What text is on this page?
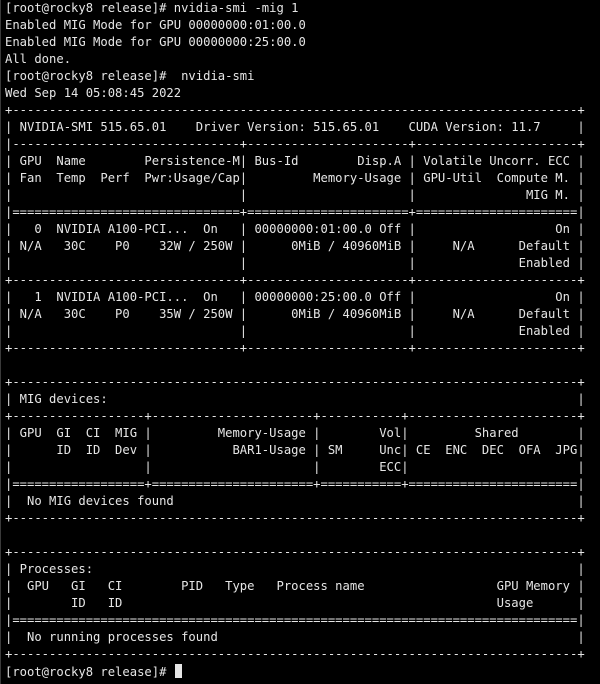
[root@rocky8 release]# nvidia-smi -mig 1
Enabled MIG Mode for GPU 00000000:01:00.0
Enabled MIG Mode for GPU 00000000:25:00.0
All done.
[root@rocky8 release]#  nvidia-smi
Wed Sep 14 05:08:45 2022
+-----------------------------------------------------------------------------+
| NVIDIA-SMI 515.65.01    Driver Version: 515.65.01    CUDA Version: 11.7     |
|-------------------------------+----------------------+----------------------+
| GPU  Name        Persistence-M| Bus-Id        Disp.A | Volatile Uncorr. ECC |
| Fan  Temp  Perf  Pwr:Usage/Cap|         Memory-Usage | GPU-Util  Compute M. |
|                               |                      |               MIG M. |
|===============================+======================+======================|
|   0  NVIDIA A100-PCI...  On   | 00000000:01:00.0 Off |                   On |
| N/A   30C    P0    32W / 250W |      0MiB / 40960MiB |     N/A      Default |
|                               |                      |              Enabled |
+-------------------------------+----------------------+----------------------+
|   1  NVIDIA A100-PCI...  On   | 00000000:25:00.0 Off |                   On |
| N/A   30C    P0    35W / 250W |      0MiB / 40960MiB |     N/A      Default |
|                               |                      |              Enabled |
+-------------------------------+----------------------+----------------------+
+-----------------------------------------------------------------------------+
| MIG devices:                                                                |
+------------------+----------------------+-----------+-----------------------+
| GPU  GI  CI  MIG |         Memory-Usage |        Vol|         Shared        |
|      ID  ID  Dev |           BAR1-Usage | SM     Unc| CE  ENC  DEC  OFA  JPG|
|                  |                      |        ECC|                       |
|==================+======================+===========+=======================|
|  No MIG devices found                                                       |
+-----------------------------------------------------------------------------+
+-----------------------------------------------------------------------------+
| Processes:                                                                  |
|  GPU   GI   CI        PID   Type   Process name                  GPU Memory |
|        ID   ID                                                   Usage      |
|=============================================================================|
|  No running processes found                                                 |
+-----------------------------------------------------------------------------+
[root@rocky8 release]#
